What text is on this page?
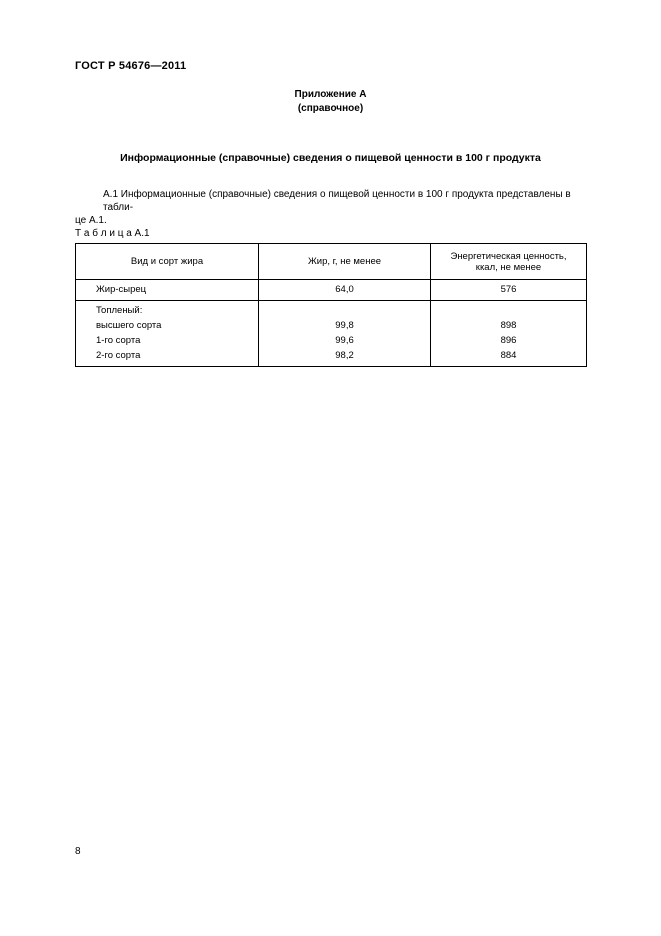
ГОСТ Р 54676—2011
Приложение А
(справочное)
Информационные (справочные) сведения о пищевой ценности в 100 г продукта
А.1 Информационные (справочные) сведения о пищевой ценности в 100 г продукта представлены в табли-
це А.1.
Т а б л и ц а А.1
Вид и сорт жира	Жир, г, не менее	Энергетическая ценность, ккал, не менее
Жир-сырец	64,0	576
Топленый:		
высшего сорта	99,8	898
1-го сорта	99,6	896
2-го сорта	98,2	884
8
